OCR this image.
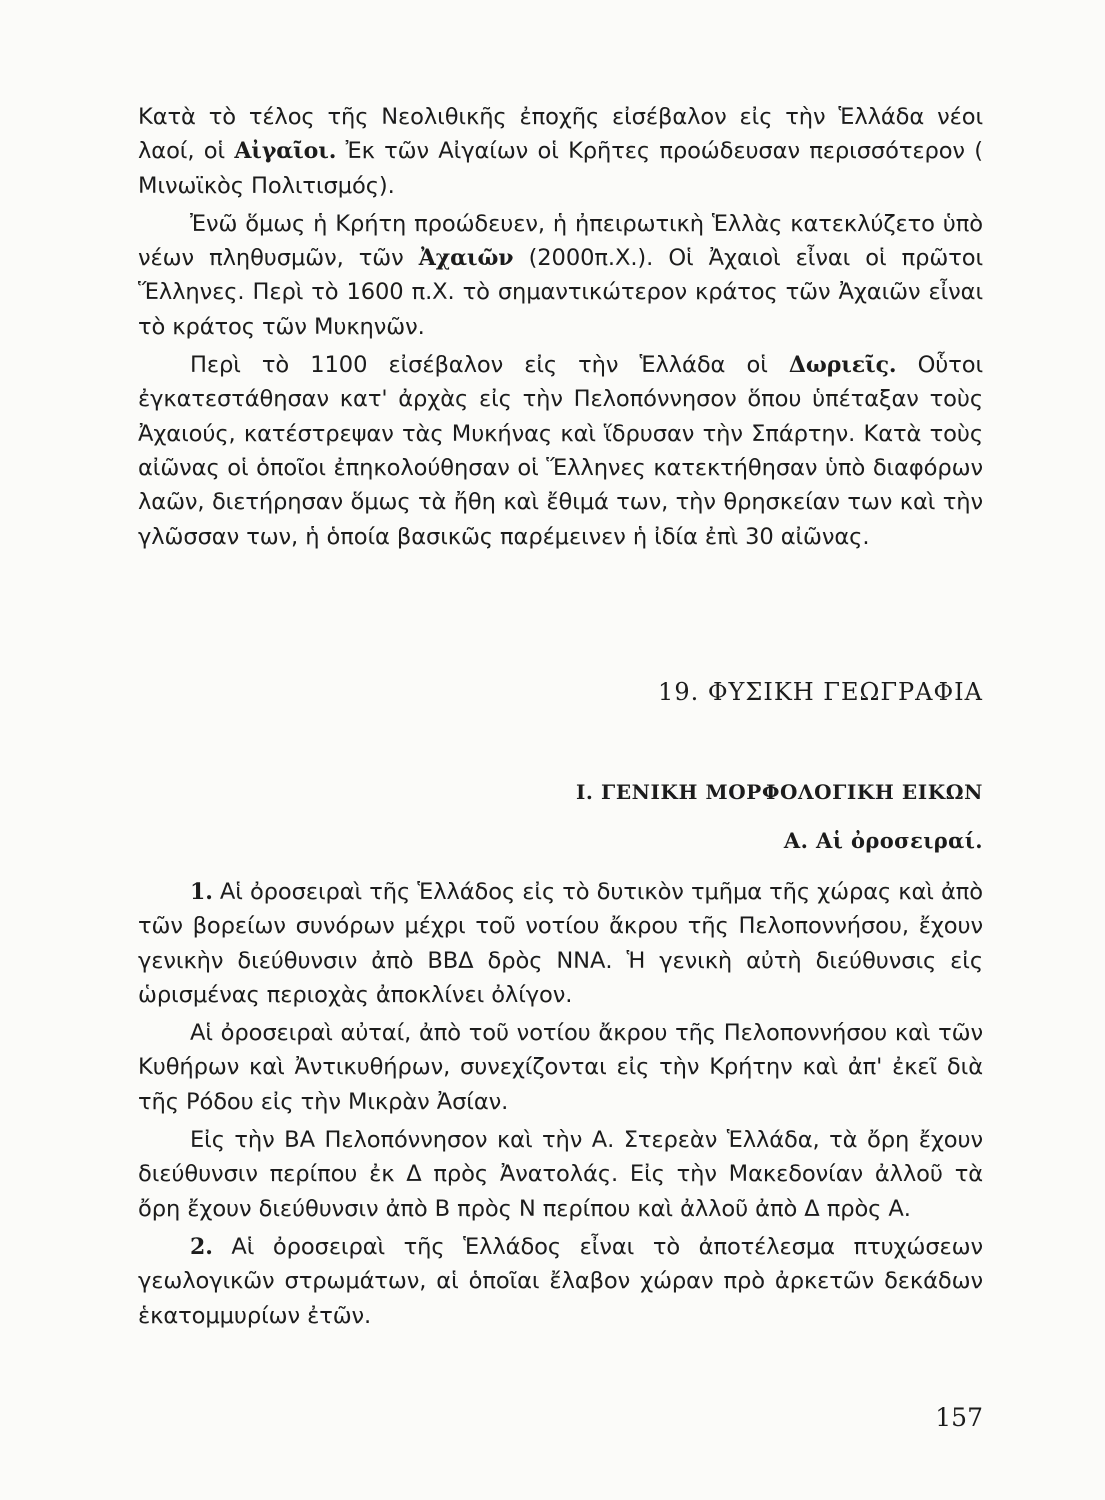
Κατὰ τὸ τέλος τῆς Νεολιθικῆς ἐποχῆς εἰσέβαλον εἰς τὴν Ἑλλάδα νέοι λαοί, οἱ Αἰγαῖοι. Ἐκ τῶν Αἰγαίων οἱ Κρῆτες προώδευσαν περισσότερον ( Μινωϊκὸς Πολιτισμός).

Ἐνῶ ὅμως ἡ Κρήτη προώδευεν, ἡ ἠπειρωτικὴ Ἑλλὰς κατεκλύζετο ὑπὸ νέων πληθυσμῶν, τῶν Ἀχαιῶν (2000π.Χ.). Οἱ Ἀχαιοὶ εἶναι οἱ πρῶτοι Ἕλληνες. Περὶ τὸ 1600 π.Χ. τὸ σημαντικώτερον κράτος τῶν Ἀχαιῶν εἶναι τὸ κράτος τῶν Μυκηνῶν.

Περὶ τὸ 1100 εἰσέβαλον εἰς τὴν Ἑλλάδα οἱ Δωριεῖς. Οὗτοι ἐγκατεστάθησαν κατ' ἀρχὰς εἰς τὴν Πελοπόννησον ὅπου ὑπέταξαν τοὺς Ἀχαιούς, κατέστρεψαν τὰς Μυκήνας καὶ ἵδρυσαν τὴν Σπάρτην. Κατὰ τοὺς αἰῶνας οἱ ὁποῖοι ἐπηκολούθησαν οἱ Ἕλληνες κατεκτήθησαν ὑπὸ διαφόρων λαῶν, διετήρησαν ὅμως τὰ ἤθη καὶ ἔθιμά των, τὴν θρησκείαν των καὶ τὴν γλῶσσαν των, ἡ ὁποία βασικῶς παρέμεινεν ἡ ἰδία ἐπὶ 30 αἰῶνας.

19. ΦΥΣΙΚΗ ΓΕΩΓΡΑΦΙΑ
I. ΓΕΝΙΚΗ ΜΟΡΦΟΛΟΓΙΚΗ ΕΙΚΩΝ
Α. Αἱ ὀροσειραί.

1. Αἱ ὀροσειραὶ τῆς Ἑλλάδος εἰς τὸ δυτικὸν τμῆμα τῆς χώρας καὶ ἀπὸ τῶν βορείων συνόρων μέχρι τοῦ νοτίου ἄκρου τῆς Πελοποννήσου, ἔχουν γενικὴν διεύθυνσιν ἀπὸ ΒΒΔ δρὸς ΝΝΑ. Ἡ γενικὴ αὐτὴ διεύθυνσις εἰς ὡρισμένας περιοχὰς ἀποκλίνει ὀλίγον.

Αἱ ὀροσειραὶ αὐταί, ἀπὸ τοῦ νοτίου ἄκρου τῆς Πελοποννήσου καὶ τῶν Κυθήρων καὶ Ἀντικυθήρων, συνεχίζονται εἰς τὴν Κρήτην καὶ ἀπ' ἐκεῖ διὰ τῆς Ρόδου εἰς τὴν Μικρὰν Ἀσίαν.

Εἰς τὴν ΒΑ Πελοπόννησον καὶ τὴν Α. Στερεὰν Ἑλλάδα, τὰ ὄρη ἔχουν διεύθυνσιν περίπου ἐκ Δ πρὸς Ἀνατολάς. Εἰς τὴν Μακεδονίαν ἀλλοῦ τὰ ὄρη ἔχουν διεύθυνσιν ἀπὸ Β πρὸς Ν περίπου καὶ ἀλλοῦ ἀπὸ Δ πρὸς Α.

2. Αἱ ὀροσειραὶ τῆς Ἑλλάδος εἶναι τὸ ἀποτέλεσμα πτυχώσεων γεωλογικῶν στρωμάτων, αἱ ὁποῖαι ἔλαβον χώραν πρὸ ἀρκετῶν δεκάδων ἑκατομμυρίων ἐτῶν.

157
